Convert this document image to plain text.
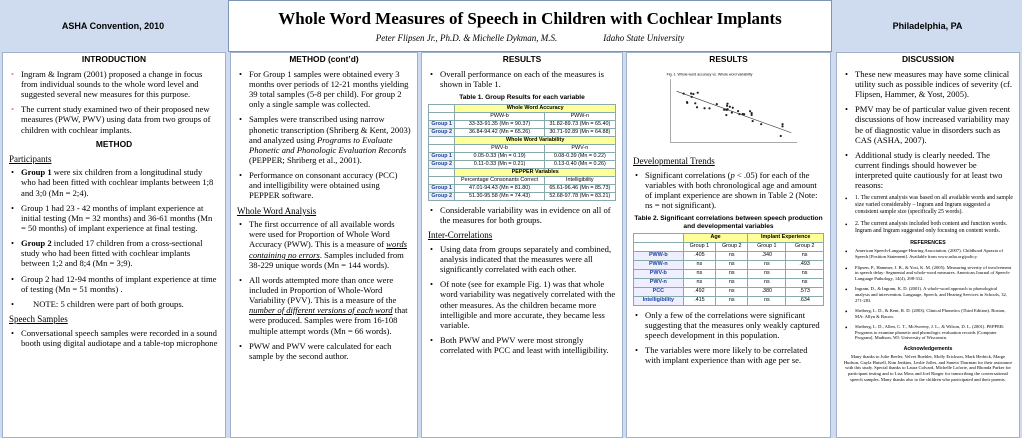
ASHA Convention, 2010	Whole Word Measures of Speech in Children with Cochlear Implants
Peter Flipsen Jr., Ph.D. & Michelle Dykman, M.S.	Idaho State University
Philadelphia, PA
INTRODUCTION
• Ingram & Ingram (2001) proposed a change in focus from individual sounds to the whole word level and suggested several new measures for this purpose.
• The current study examined two of their proposed new measures (PWW, PWV) using data from two groups of children with cochlear implants.
METHOD
Participants
• Group 1 were six children from a longitudinal study who had been fitted with cochlear implants between 1;8 and 3;0 (Mn = 2;4).
• Group 1 had 23 - 42 months of implant experience at initial testing (Mn = 32 months) and 36-61 months (Mn = 50 months) of implant experience at final testing.
• Group 2 included 17 children from a cross-sectional study who had been fitted with cochlear implants between 1;2 and 8;4 (Mn = 3;9).
• Group 2 had 12-94 months of implant experience at time of testing (Mn = 51 months) .
• NOTE: 5 children were part of both groups.
Speech Samples
• Conversational speech samples were recorded in a sound booth using digital audiotape and a table-top microphone
METHOD (cont’d)
• For Group 1 samples were obtained every 3 months over periods of 12-21 months yielding 39 total samples (5-8 per child). For group 2 only a single sample was collected.
• Samples were transcribed using narrow phonetic transcription (Shriberg & Kent, 2003) and analyzed using Programs to Evaluate Phonetic and Phonologic Evaluation Records (PEPPER; Shriberg et al., 2001).
• Performance on consonant accuracy (PCC) and intelligibility were obtained using PEPPER software.
Whole Word Analysis
• The first occurrence of all available words were used for Proportion of Whole Word Accuracy (PWW). This is a measure of words containing no errors. Samples included from 38-229 unique words (Mn = 144 words).
• All words attempted more than once were included in Proportion of Whole-Word Variability (PVV). This is a measure of the number of different versions of each word that were produced. Samples were from 16-108 multiple attempt words (Mn = 66 words).
• PWW and PWV were calculated for each sample by the second author.
RESULTS
• Overall performance on each of the measures is shown in Table 1.
Table 1. Group Results for each variable
	Whole Word Accuracy	
	PWW-b	PWW-n
Group 1	33-33-91.35 (Mn = 90.37)	31.82-89.73 (Mn = 65.40)
Group 2	36.84-94.42 (Mn = 65.26)	30.71-92.89 (Mn = 64.88)
	Whole Word Variability	
	PWV-b	PWV-n
Group 1	0.05-0.33 (Mn = 0.19)	0.08-0.39 (Mn = 0.22)
Group 2	0.11-0.33 (Mn = 0.21)	0.13-0.40 (Mn = 0.26)
	PEPPER Variables	
	Percentage Consonants Correct	Intelligibility
Group 1	47.01-94.43 (Mn = 81.80)	65.61-96.46 (Mn = 85.73)
Group 2	51.30-95.58 (Mn = 74.43)	52.68-97.78 (Mn = 83.21)
• Considerable variability was in evidence on all of the measures for both groups.
Inter-Correlations
• Using data from groups separately and combined, analysis indicated that the measures were all significantly correlated with each other.
• Of note (see for example Fig. 1) was that whole word variability was negatively correlated with the other measures. As the children became more intelligible and more accurate, they became less variable.
• Both PWW and PWV were most strongly correlated with PCC and least with intelligibility.
RESULTS
Fig. 1. Whole word accuracy vs. Whole word variability
Developmental Trends
• Significant correlations (p < .05) for each of the variables with both chronological age and amount of implant experience are shown in Table 2 (Note: ns = not significant).
Table 2. Significant correlations between speech production and developmental variables
	Age		Implant Experience	
	Group 1	Group 2	Group 1	Group 2
PWW-b	.405	ns	.340	ns
PWW-n	ns	ns	ns	.493
PWV-b	ns	ns	ns	ns
PWV-n	ns	ns	ns	ns
PCC	.492	ns	.380	.573
Intelligibility	.415	ns	ns	.634
• Only a few of the correlations were significant suggesting that the measures only weakly captured speech development in this population.
• The variables were more likely to be correlated with implant experience than with age per se.
DISCUSSION
• These new measures may have some clinical utility such as possible indices of severity (cf. Flipsen, Hammer, & Yost, 2005).
• PMV may be of particular value given recent discussions of how increased variability may be of diagnostic value in disorders such as CAS (ASHA, 2007).
• Additional study is clearly needed. The current findings should however be interpreted quite cautiously for at least two reasons:
• 1. The current analysis was based on all available words and sample size varied considerably – Ingram and Ingram suggested a consistent sample size (specifically 25 words).
• 2. The current analysis included both content and function words. Ingram and Ingram suggested only focusing on content words.
REFERENCES
• American Speech-Language-Hearing Association. (2007). Childhood Apraxia of Speech [Position Statement]. Available from www.asha.org/policy.
• Flipsen, P., Hammer, J. B., & Yost, K. M. (2005). Measuring severity of involvement in speech delay: Segmental and whole-word measures. American Journal of Speech-Language Pathology, 14(4), 298-312.
• Ingram, D., & Ingram, K. D. (2001). A whole-word approach to phonological analysis and intervention. Language, Speech, and Hearing Services in Schools, 32, 271-283.
• Shriberg, L. D., & Kent, R. D. (2003). Clinical Phonetics (Third Edition). Boston, MA: Allyn & Bacon.
• Shriberg, L. D., Allen, C. T., McSweeny, J. L., & Wilson, D. L. (2001). PEPPER: Programs to examine phonetic and phonologic evaluation records [Computer Program]. Madison, WI: University of Wisconsin.
Acknowledgements
Many thanks to Julie Beeler, Velvet Buehler, Molly Erickson, Mark Hedrick, Marge Hudson, Gayla Hutsell, Kim Jenkins, Leslie Jolles, and Saneta Thurman for their assistance with this study. Special thanks to Laura Colvard, Michelle Loforte, and Rhonda Parker for participant testing and to Lisa Moss and Joel Ringer for transcribing the conversational speech samples. Many thanks also to the children who participated and their parents.
